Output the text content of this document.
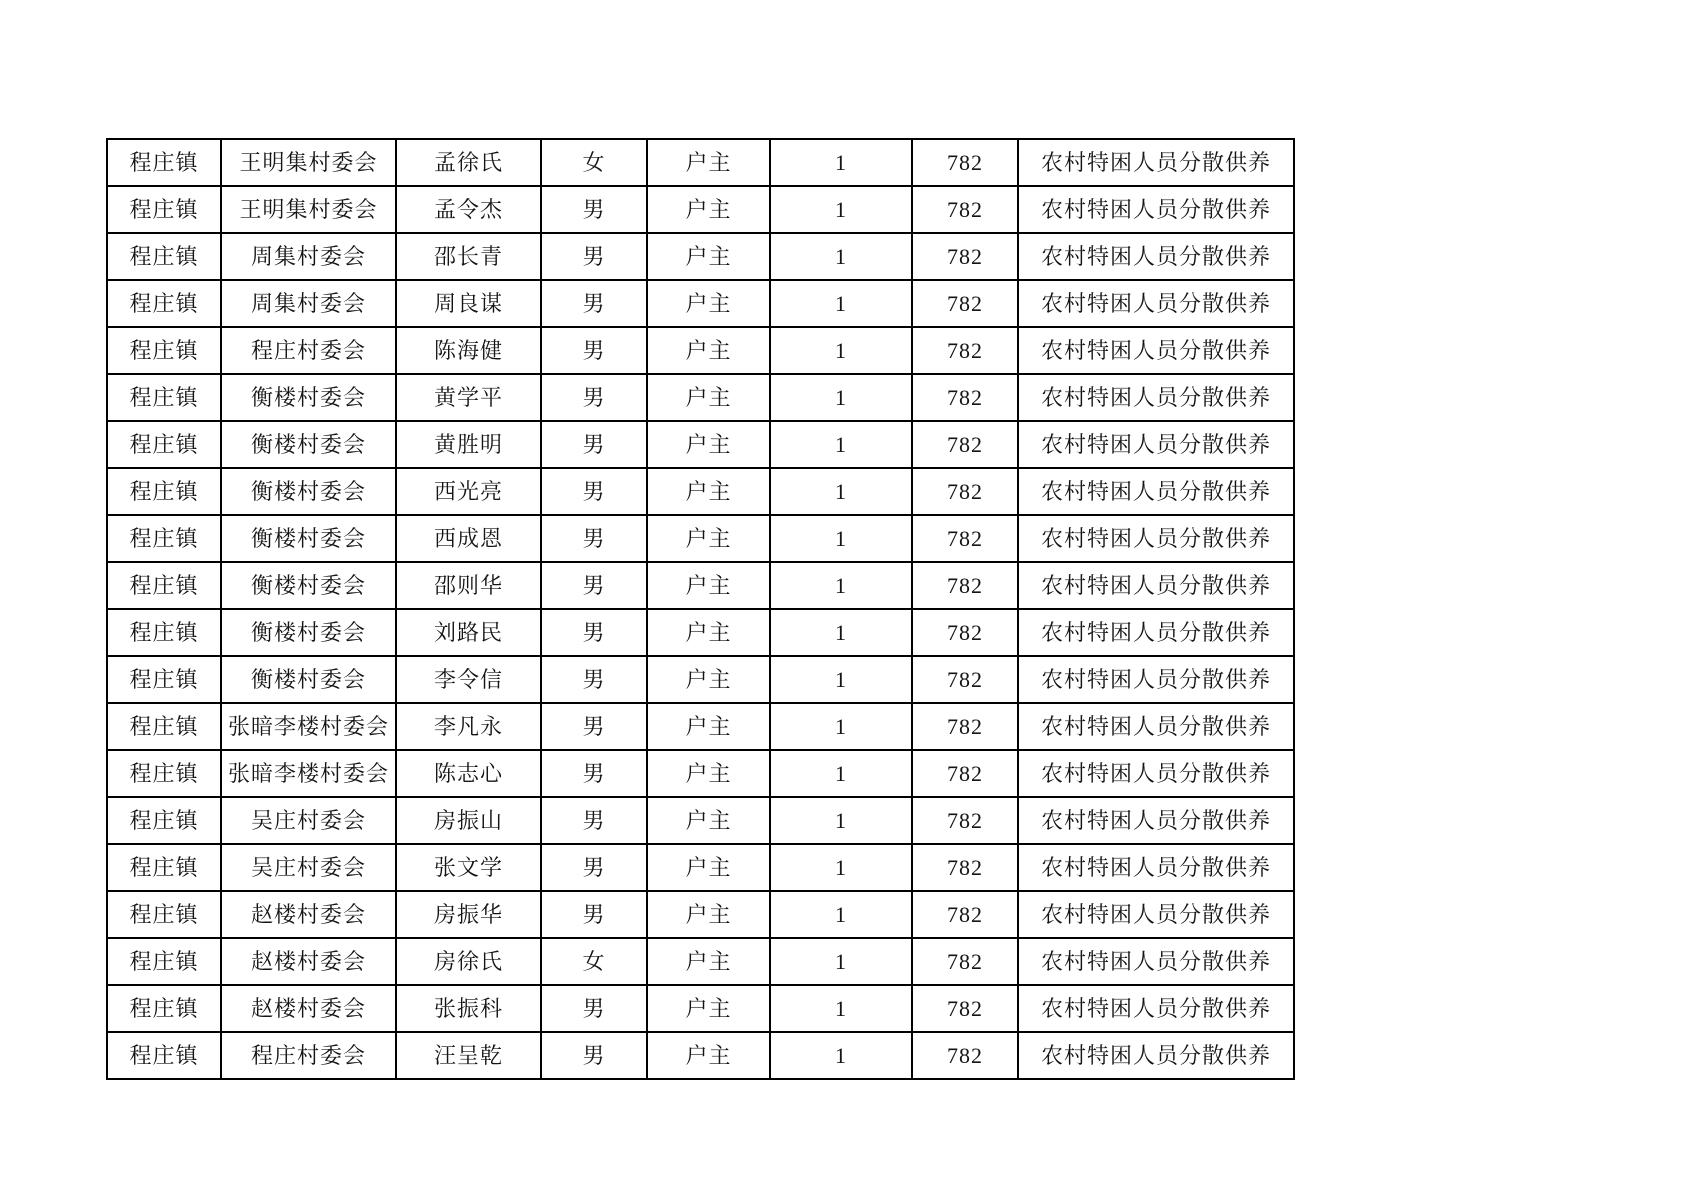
程庄镇	王明集村委会	孟徐氏	女	户主	1	782	农村特困人员分散供养
程庄镇	王明集村委会	孟令杰	男	户主	1	782	农村特困人员分散供养
程庄镇	周集村委会	邵长青	男	户主	1	782	农村特困人员分散供养
程庄镇	周集村委会	周良谋	男	户主	1	782	农村特困人员分散供养
程庄镇	程庄村委会	陈海健	男	户主	1	782	农村特困人员分散供养
程庄镇	衡楼村委会	黄学平	男	户主	1	782	农村特困人员分散供养
程庄镇	衡楼村委会	黄胜明	男	户主	1	782	农村特困人员分散供养
程庄镇	衡楼村委会	西光亮	男	户主	1	782	农村特困人员分散供养
程庄镇	衡楼村委会	西成恩	男	户主	1	782	农村特困人员分散供养
程庄镇	衡楼村委会	邵则华	男	户主	1	782	农村特困人员分散供养
程庄镇	衡楼村委会	刘路民	男	户主	1	782	农村特困人员分散供养
程庄镇	衡楼村委会	李令信	男	户主	1	782	农村特困人员分散供养
程庄镇	张暗李楼村委会	李凡永	男	户主	1	782	农村特困人员分散供养
程庄镇	张暗李楼村委会	陈志心	男	户主	1	782	农村特困人员分散供养
程庄镇	吴庄村委会	房振山	男	户主	1	782	农村特困人员分散供养
程庄镇	吴庄村委会	张文学	男	户主	1	782	农村特困人员分散供养
程庄镇	赵楼村委会	房振华	男	户主	1	782	农村特困人员分散供养
程庄镇	赵楼村委会	房徐氏	女	户主	1	782	农村特困人员分散供养
程庄镇	赵楼村委会	张振科	男	户主	1	782	农村特困人员分散供养
程庄镇	程庄村委会	汪呈乾	男	户主	1	782	农村特困人员分散供养
